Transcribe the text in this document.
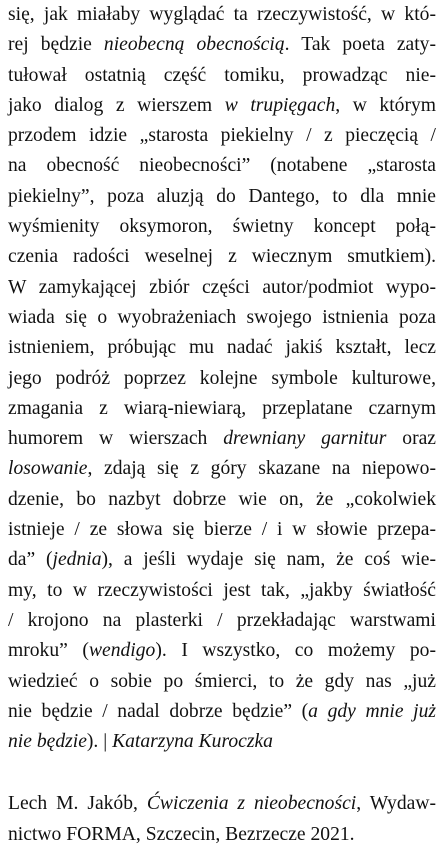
się, jak miałaby wyglądać ta rzeczywistość, w któ-
rej będzie nieobecną obecnością. Tak poeta zaty-
tułował ostatnią część tomiku, prowadząc nie-
jako dialog z wierszem w trupięgach, w którym
przodem idzie „starosta piekielny / z pieczęcią /
na obecność nieobecności” (notabene „starosta
piekielny”, poza aluzją do Dantego, to dla mnie
wyśmienity oksymoron, świetny koncept połą-
czenia radości weselnej z wiecznym smutkiem).
W zamykającej zbiór części autor/podmiot wypo-
wiada się o wyobrażeniach swojego istnienia poza
istnieniem, próbując mu nadać jakiś kształt, lecz
jego podróż poprzez kolejne symbole kulturowe,
zmagania z wiarą-niewiarą, przeplatane czarnym
humorem w wierszach drewniany garnitur oraz
losowanie, zdają się z góry skazane na niepowo-
dzenie, bo nazbyt dobrze wie on, że „cokolwiek
istnieje / ze słowa się bierze / i w słowie przepa-
da” (jednia), a jeśli wydaje się nam, że coś wie-
my, to w rzeczywistości jest tak, „jakby światłość
/ krojono na plasterki / przekładając warstwami
mroku” (wendigo). I wszystko, co możemy po-
wiedzieć o sobie po śmierci, to że gdy nas „już
nie będzie / nadal dobrze będzie” (a gdy mnie już
nie będzie). | Katarzyna Kuroczka
Lech M. Jakób, Ćwiczenia z nieobecności, Wydaw-
nictwo FORMA, Szczecin, Bezrzecze 2021.
